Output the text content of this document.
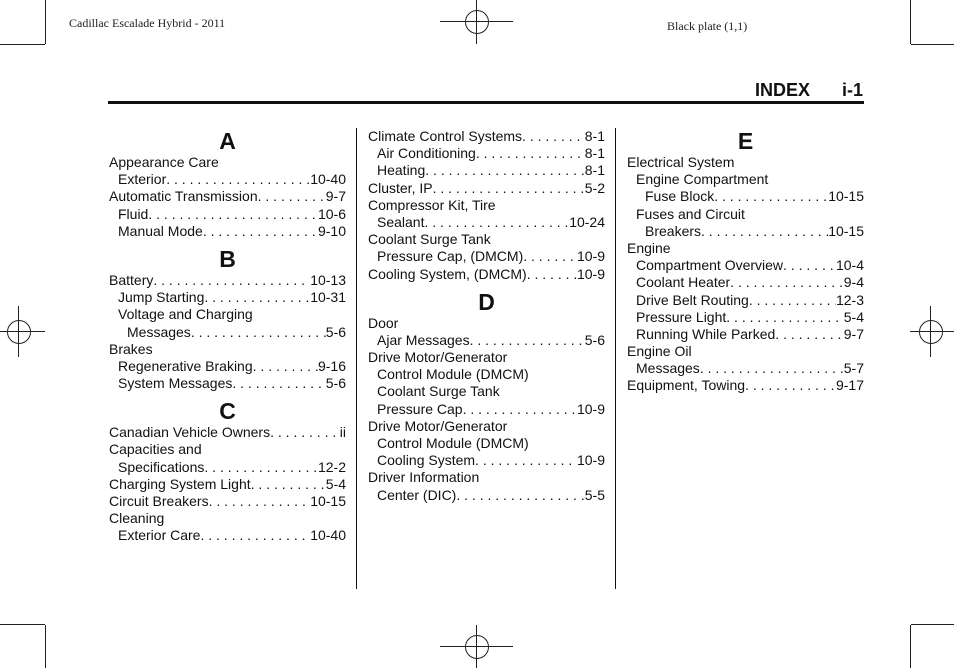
Cadillac Escalade Hybrid - 2011	Black plate (1,1)
INDEX i-1
A
Appearance Care
Exterior . . .	10-40
Automatic Transmission . . .	9-7
Fluid . . .	10-6
Manual Mode . . .	9-10
B
Battery . . .	10-13
Jump Starting . . .	10-31
Voltage and Charging
Messages . . .	5-6
Brakes
Regenerative Braking . . .	9-16
System Messages . . .	5-6
C
Canadian Vehicle Owners . . .	ii
Capacities and
Specifications . . .	12-2
Charging System Light . . .	5-4
Circuit Breakers . . .	10-15
Cleaning
Exterior Care . . .	10-40
Climate Control Systems . . .	8-1
Air Conditioning . . .	8-1
Heating . . .	8-1
Cluster, IP . . .	5-2
Compressor Kit, Tire
Sealant . . .	10-24
Coolant Surge Tank
Pressure Cap, (DMCM) . . .	10-9
Cooling System, (DMCM) . . .	10-9
D
Door
Ajar Messages . . .	5-6
Drive Motor/Generator
Control Module (DMCM)
Coolant Surge Tank
Pressure Cap . . .	10-9
Drive Motor/Generator
Control Module (DMCM)
Cooling System . . .	10-9
Driver Information
Center (DIC) . . .	5-5
E
Electrical System
Engine Compartment
Fuse Block . . .	10-15
Fuses and Circuit
Breakers . . .	10-15
Engine
Compartment Overview . . .	10-4
Coolant Heater . . .	9-4
Drive Belt Routing . . .	12-3
Pressure Light . . .	5-4
Running While Parked . . .	9-7
Engine Oil
Messages . . .	5-7
Equipment, Towing . . .	9-17
